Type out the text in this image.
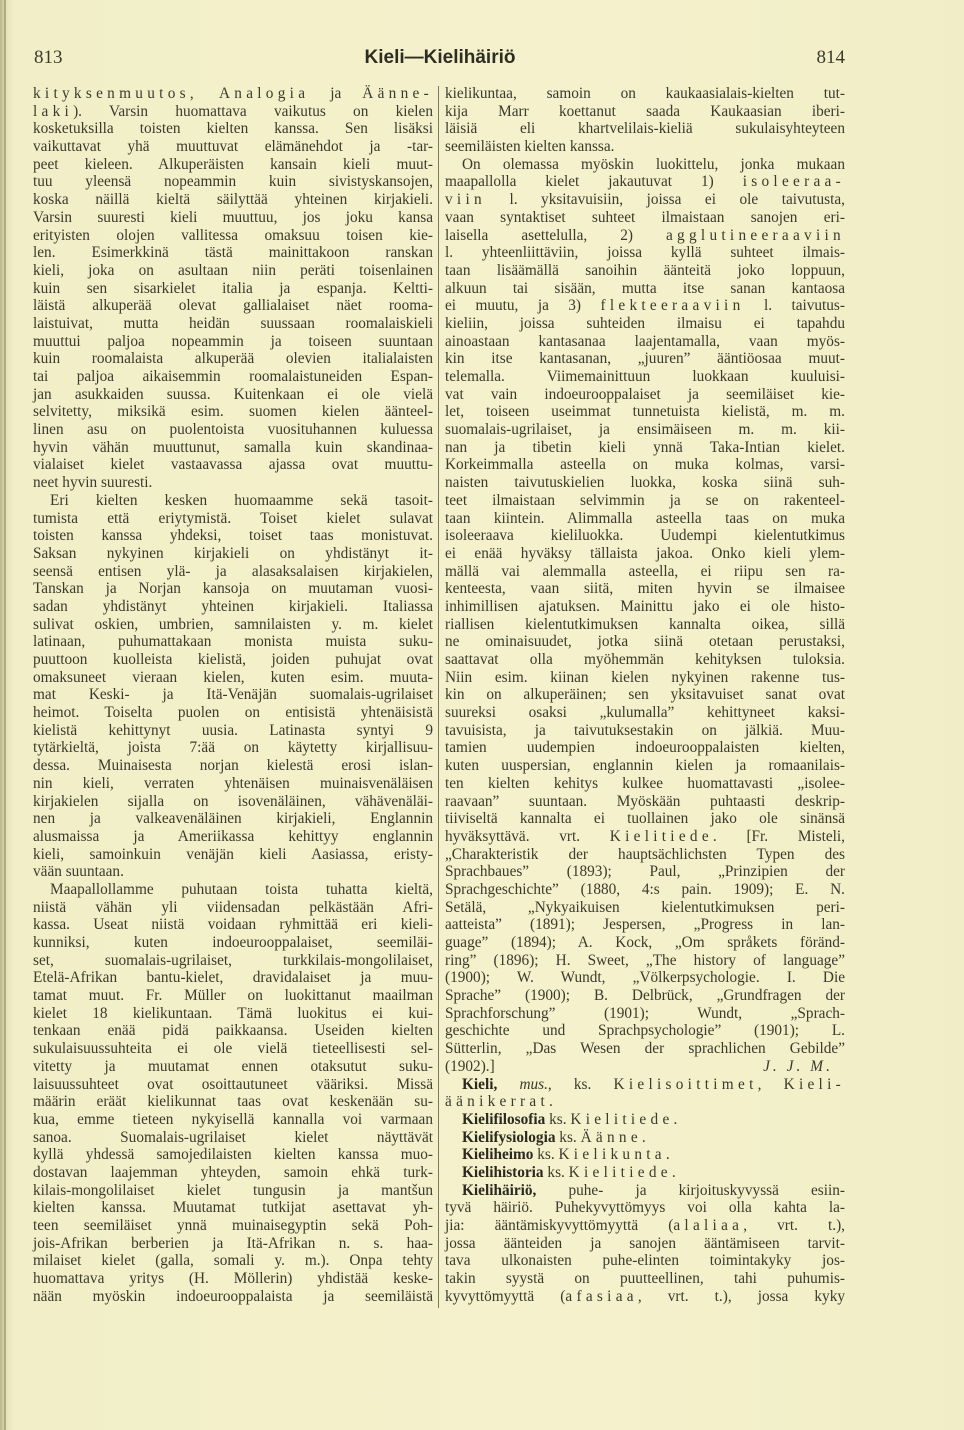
813	Kieli—Kielihäiriö	814
kityksenmuutos, Analogia ja Äänne-
laki). Varsin huomattava vaikutus on kielen
kosketuksilla toisten kielten kanssa. Sen lisäksi
vaikuttavat yhä muuttuvat elämänehdot ja -tar-
peet kieleen. Alkuperäisten kansain kieli muut-
tuu yleensä nopeammin kuin sivistyskansojen,
koska näillä kieltä säilyttää yhteinen kirjakieli.
Varsin suuresti kieli muuttuu, jos joku kansa
erityisten olojen vallitessa omaksuu toisen kie-
len. Esimerkkinä tästä mainittakoon ranskan
kieli, joka on asultaan niin peräti toisenlainen
kuin sen sisarkielet italia ja espanja. Keltti-
läistä alkuperää olevat gallialaiset näet rooma-
laistuivat, mutta heidän suussaan roomalaiskieli
muuttui paljoa nopeammin ja toiseen suuntaan
kuin roomalaista alkuperää olevien italialaisten
tai paljoa aikaisemmin roomalaistuneiden Espan-
jan asukkaiden suussa. Kuitenkaan ei ole vielä
selvitetty, miksikä esim. suomen kielen äänteel-
linen asu on puolentoista vuosituhannen kuluessa
hyvin vähän muuttunut, samalla kuin skandinaa-
vialaiset kielet vastaavassa ajassa ovat muuttu-
neet hyvin suuresti.
Eri kielten kesken huomaamme sekä tasoit-
tumista että eriytymistä. Toiset kielet sulavat
toisten kanssa yhdeksi, toiset taas monistuvat.
Saksan nykyinen kirjakieli on yhdistänyt it-
seensä entisen ylä- ja alasaksalaisen kirjakielen,
Tanskan ja Norjan kansoja on muutaman vuosi-
sadan yhdistänyt yhteinen kirjakieli. Italiassa
sulivat oskien, umbrien, samnilaisten y. m. kielet
latinaan, puhumattakaan monista muista suku-
puuttoon kuolleista kielistä, joiden puhujat ovat
omaksuneet vieraan kielen, kuten esim. muuta-
mat Keski- ja Itä-Venäjän suomalais-ugrilaiset
heimot. Toiselta puolen on entisistä yhtenäisistä
kielistä kehittynyt uusia. Latinasta syntyi 9
tytärkieltä, joista 7:ää on käytetty kirjallisuu-
dessa. Muinaisesta norjan kielestä erosi islan-
nin kieli, verraten yhtenäisen muinaisvenäläisen
kirjakielen sijalla on isovenäläinen, vähävenäläi-
nen ja valkeavenäläinen kirjakieli, Englannin
alusmaissa ja Ameriikassa kehittyy englannin
kieli, samoinkuin venäjän kieli Aasiassa, eristy-
vään suuntaan.
Maapallollamme puhutaan toista tuhatta kieltä,
niistä vähän yli viidensadan pelkästään Afri-
kassa. Useat niistä voidaan ryhmittää eri kieli-
kunniksi, kuten indoeurooppalaiset, seemiläi-
set, suomalais-ugrilaiset, turkkilais-mongolilaiset,
Etelä-Afrikan bantu-kielet, dravidalaiset ja muu-
tamat muut. Fr. Müller on luokittanut maailman
kielet 18 kielikuntaan. Tämä luokitus ei kui-
tenkaan enää pidä paikkaansa. Useiden kielten
sukulaisuussuhteita ei ole vielä tieteellisesti sel-
vitetty ja muutamat ennen otaksutut suku-
laisuussuhteet ovat osoittautuneet vääriksi. Missä
määrin eräät kielikunnat taas ovat keskenään su-
kua, emme tieteen nykyisellä kannalla voi varmaan
sanoa. Suomalais-ugrilaiset kielet näyttävät
kyllä yhdessä samojedilaisten kielten kanssa muo-
dostavan laajemman yhteyden, samoin ehkä turk-
kilais-mongolilaiset kielet tungusin ja mantšun
kielten kanssa. Muutamat tutkijat asettavat yh-
teen seemiläiset ynnä muinaisegyptin sekä Poh-
jois-Afrikan berberien ja Itä-Afrikan n. s. haa-
milaiset kielet (galla, somali y. m.). Onpa tehty
huomattava yritys (H. Möllerin) yhdistää keske-
nään myöskin indoeurooppalaista ja seemiläistä
kielikuntaa, samoin on kaukaasialais-kielten tut-
kija Marr koettanut saada Kaukaasian iberi-
läisiä eli khartvelilais-kieliä sukulaisyhteyteen
seemiläisten kielten kanssa.
On olemassa myöskin luokittelu, jonka mukaan
maapallolla kielet jakautuvat 1) isoleeraa-
viin l. yksitavuisiin, joissa ei ole taivutusta,
vaan syntaktiset suhteet ilmaistaan sanojen eri-
laisella asettelulla, 2) agglutineeraaviin
l. yhteenliittäviin, joissa kyllä suhteet ilmais-
taan lisäämällä sanoihin äänteitä joko loppuun,
alkuun tai sisään, mutta itse sanan kantaosa
ei muutu, ja 3) flekteeraaviin l. taivutus-
kieliin, joissa suhteiden ilmaisu ei tapahdu
ainoastaan kantasanaa laajentamalla, vaan myös-
kin itse kantasanan, „juuren” ääntiöosaa muut-
telemalla. Viimemainittuun luokkaan kuuluisi-
vat vain indoeurooppalaiset ja seemiläiset kie-
let, toiseen useimmat tunnetuista kielistä, m. m.
suomalais-ugrilaiset, ja ensimäiseen m. m. kii-
nan ja tibetin kieli ynnä Taka-Intian kielet.
Korkeimmalla asteella on muka kolmas, varsi-
naisten taivutuskielien luokka, koska siinä suh-
teet ilmaistaan selvimmin ja se on rakenteel-
taan kiintein. Alimmalla asteella taas on muka
isoleeraava kieliluokka. Uudempi kielentutkimus
ei enää hyväksy tällaista jakoa. Onko kieli ylem-
mällä vai alemmalla asteella, ei riipu sen ra-
kenteesta, vaan siitä, miten hyvin se ilmaisee
inhimillisen ajatuksen. Mainittu jako ei ole histo-
riallisen kielentutkimuksen kannalta oikea, sillä
ne ominaisuudet, jotka siinä otetaan perustaksi,
saattavat olla myöhemmän kehityksen tuloksia.
Niin esim. kiinan kielen nykyinen rakenne tus-
kin on alkuperäinen; sen yksitavuiset sanat ovat
suureksi osaksi „kulumalla” kehittyneet kaksi-
tavuisista, ja taivutuksestakin on jälkiä. Muu-
tamien uudempien indoeurooppalaisten kielten,
kuten uuspersian, englannin kielen ja romaanilais-
ten kielten kehitys kulkee huomattavasti „isolee-
raavaan” suuntaan. Myöskään puhtaasti deskrip-
tiiviseltä kannalta ei tuollainen jako ole sinänsä
hyväksyttävä. vrt. Kielitiede. [Fr. Misteli,
„Charakteristik der hauptsächlichsten Typen des
Sprachbaues” (1893); Paul, „Prinzipien der
Sprachgeschichte” (1880, 4:s pain. 1909); E. N.
Setälä, „Nykyaikuisen kielentutkimuksen peri-
aatteista” (1891); Jespersen, „Progress in lan-
guage” (1894); A. Kock, „Om språkets föränd-
ring” (1896); H. Sweet, „The history of language”
(1900); W. Wundt, „Völkerpsychologie. I. Die
Sprache” (1900); B. Delbrück, „Grundfragen der
Sprachforschung” (1901); Wundt, „Sprach-
geschichte und Sprachpsychologie” (1901); L.
Sütterlin, „Das Wesen der sprachlichen Gebilde”
(1902).]	J. J. M.
Kieli, mus., ks. Kielisoittimet, Kieli-
äänikerrat.
Kielifilosofia ks. Kielitiede.
Kielifysiologia ks. Äänne.
Kieliheimo ks. Kielikunta.
Kielihistoria ks. Kielitiede.
Kielihäiriö, puhe- ja kirjoituskyvyssä esiin-
tyvä häiriö. Puhekyvyttömyys voi olla kahta la-
jia: ääntämiskyvyttömyyttä (alaliaa, vrt. t.),
jossa äänteiden ja sanojen ääntämiseen tarvit-
tava ulkonaisten puhe-elinten toimintakyky jos-
takin syystä on puutteellinen, tahi puhumis-
kyvyttömyyttä (afasiaa, vrt. t.), jossa kyky
